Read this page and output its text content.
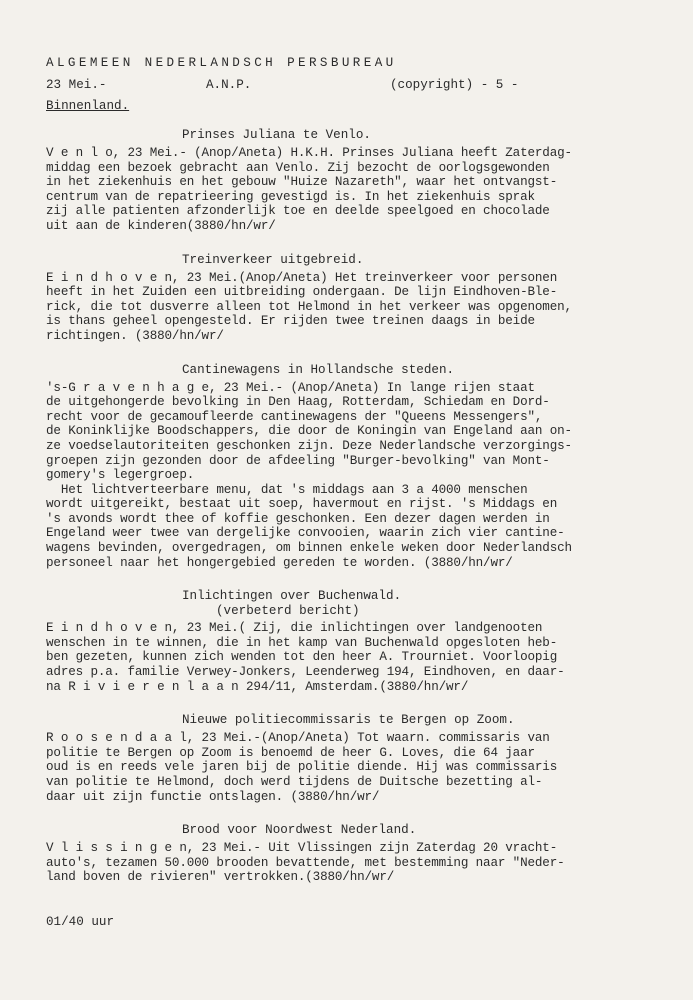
ALGEMEEN NEDERLANDSCH PERSBUREAU
23 Mei.-	A.N.P.	(copyright) - 5 -
Binnenland.
Prinses Juliana te Venlo.
V e n l o, 23 Mei.- (Anop/Aneta) H.K.H. Prinses Juliana heeft Zaterdag-
middag een bezoek gebracht aan Venlo. Zij bezocht de oorlogsgewonden
in het ziekenhuis en het gebouw "Huize Nazareth", waar het ontvangst-
centrum van de repatrieering gevestigd is. In het ziekenhuis sprak
zij alle patienten afzonderlijk toe en deelde speelgoed en chocolade
uit aan de kinderen(3880/hn/wr/
Treinverkeer uitgebreid.
E i n d h o v e n, 23 Mei.(Anop/Aneta) Het treinverkeer voor personen
heeft in het Zuiden een uitbreiding ondergaan. De lijn Eindhoven-Ble-
rick, die tot dusverre alleen tot Helmond in het verkeer was opgenomen,
is thans geheel opengesteld. Er rijden twee treinen daags in beide
richtingen. (3880/hn/wr/
Cantinewagens in Hollandsche steden.
's-G r a v e n h a g e, 23 Mei.- (Anop/Aneta) In lange rijen staat
de uitgehongerde bevolking in Den Haag, Rotterdam, Schiedam en Dord-
recht voor de gecamoufleerde cantinewagens der "Queens Messengers",
de Koninklijke Boodschappers, die door de Koningin van Engeland aan on-
ze voedselautoriteiten geschonken zijn. Deze Nederlandsche verzorgings-
groepen zijn gezonden door de afdeeling "Burger-bevolking" van Mont-
gomery's legergroep.
Het lichtverteerbare menu, dat 's middags aan 3 a 4000 menschen
wordt uitgereikt, bestaat uit soep, havermout en rijst. 's Middags en
's avonds wordt thee of koffie geschonken. Een dezer dagen werden in
Engeland weer twee van dergelijke convooien, waarin zich vier cantine-
wagens bevinden, overgedragen, om binnen enkele weken door Nederlandsch
personeel naar het hongergebied gereden te worden. (3880/hn/wr/
Inlichtingen over Buchenwald.
(verbeterd bericht)
E i n d h o v e n, 23 Mei.( Zij, die inlichtingen over landgenooten
wenschen in te winnen, die in het kamp van Buchenwald opgesloten heb-
ben gezeten, kunnen zich wenden tot den heer A. Trourniet. Voorloopig
adres p.a. familie Verwey-Jonkers, Leenderweg 194, Eindhoven, en daar-
na R i v i e r e n l a a n 294/11, Amsterdam.(3880/hn/wr/
Nieuwe politiecommissaris te Bergen op Zoom.
R o o s e n d a a l, 23 Mei.-(Anop/Aneta) Tot waarn. commissaris van
politie te Bergen op Zoom is benoemd de heer G. Loves, die 64 jaar
oud is en reeds vele jaren bij de politie diende. Hij was commissaris
van politie te Helmond, doch werd tijdens de Duitsche bezetting al-
daar uit zijn functie ontslagen. (3880/hn/wr/
Brood voor Noordwest Nederland.
V l i s s i n g e n, 23 Mei.- Uit Vlissingen zijn Zaterdag 20 vracht-
auto's, tezamen 50.000 brooden bevattende, met bestemming naar "Neder-
land boven de rivieren" vertrokken.(3880/hn/wr/
01/40 uur
